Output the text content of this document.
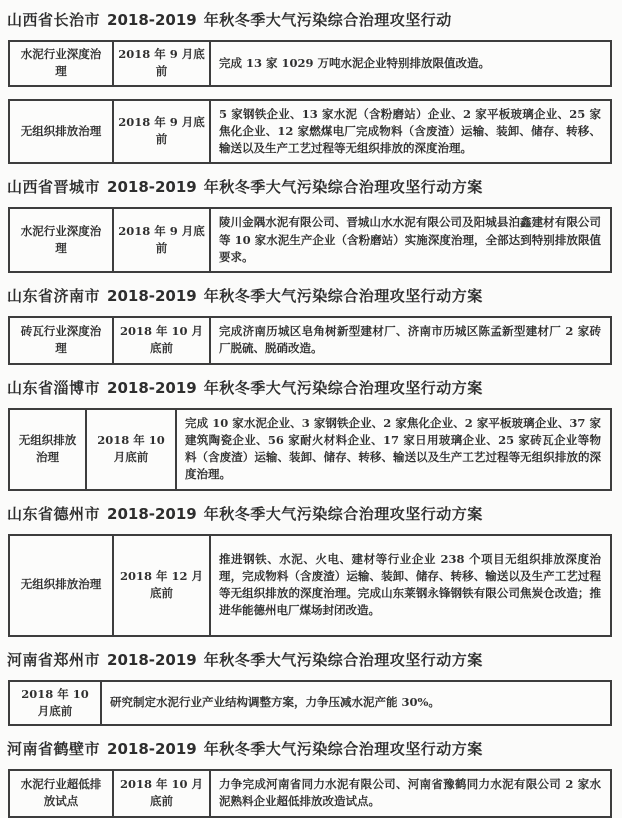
山西省长治市 2018-2019 年秋冬季大气污染综合治理攻坚行动
水泥行业深度治理
2018 年 9 月底前
完成 13 家 1029 万吨水泥企业特别排放限值改造。
无组织排放治理
2018 年 9 月底前
5 家钢铁企业、13 家水泥（含粉磨站）企业、2 家平板玻璃企业、25 家焦化企业、12 家燃煤电厂完成物料（含废渣）运输、装卸、储存、转移、输送以及生产工艺过程等无组织排放的深度治理。
山西省晋城市 2018-2019 年秋冬季大气污染综合治理攻坚行动方案
水泥行业深度治理
2018 年 9 月底前
陵川金隅水泥有限公司、晋城山水水泥有限公司及阳城县泊鑫建材有限公司等 10 家水泥生产企业（含粉磨站）实施深度治理，全部达到特别排放限值要求。
山东省济南市 2018-2019 年秋冬季大气污染综合治理攻坚行动方案
砖瓦行业深度治理
2018 年 10 月底前
完成济南历城区皂角树新型建材厂、济南市历城区陈孟新型建材厂 2 家砖厂脱硫、脱硝改造。
山东省淄博市 2018-2019 年秋冬季大气污染综合治理攻坚行动方案
无组织排放治理
2018 年 10 月底前
完成 10 家水泥企业、3 家钢铁企业、2 家焦化企业、2 家平板玻璃企业、37 家建筑陶瓷企业、56 家耐火材料企业、17 家日用玻璃企业、25 家砖瓦企业等物料（含废渣）运输、装卸、储存、转移、输送以及生产工艺过程等无组织排放的深度治理。
山东省德州市 2018-2019 年秋冬季大气污染综合治理攻坚行动方案
无组织排放治理
2018 年 12 月底前
推进钢铁、水泥、火电、建材等行业企业 238 个项目无组织排放深度治理，完成物料（含废渣）运输、装卸、储存、转移、输送以及生产工艺过程等无组织排放的深度治理。完成山东莱钢永锋钢铁有限公司焦炭仓改造；推进华能德州电厂煤场封闭改造。
河南省郑州市 2018-2019 年秋冬季大气污染综合治理攻坚行动方案
2018 年 10 月底前
研究制定水泥行业产业结构调整方案，力争压减水泥产能 30%。
河南省鹤壁市 2018-2019 年秋冬季大气污染综合治理攻坚行动方案
水泥行业超低排放试点
2018 年 10 月底前
力争完成河南省同力水泥有限公司、河南省豫鹤同力水泥有限公司 2 家水泥熟料企业超低排放改造试点。
